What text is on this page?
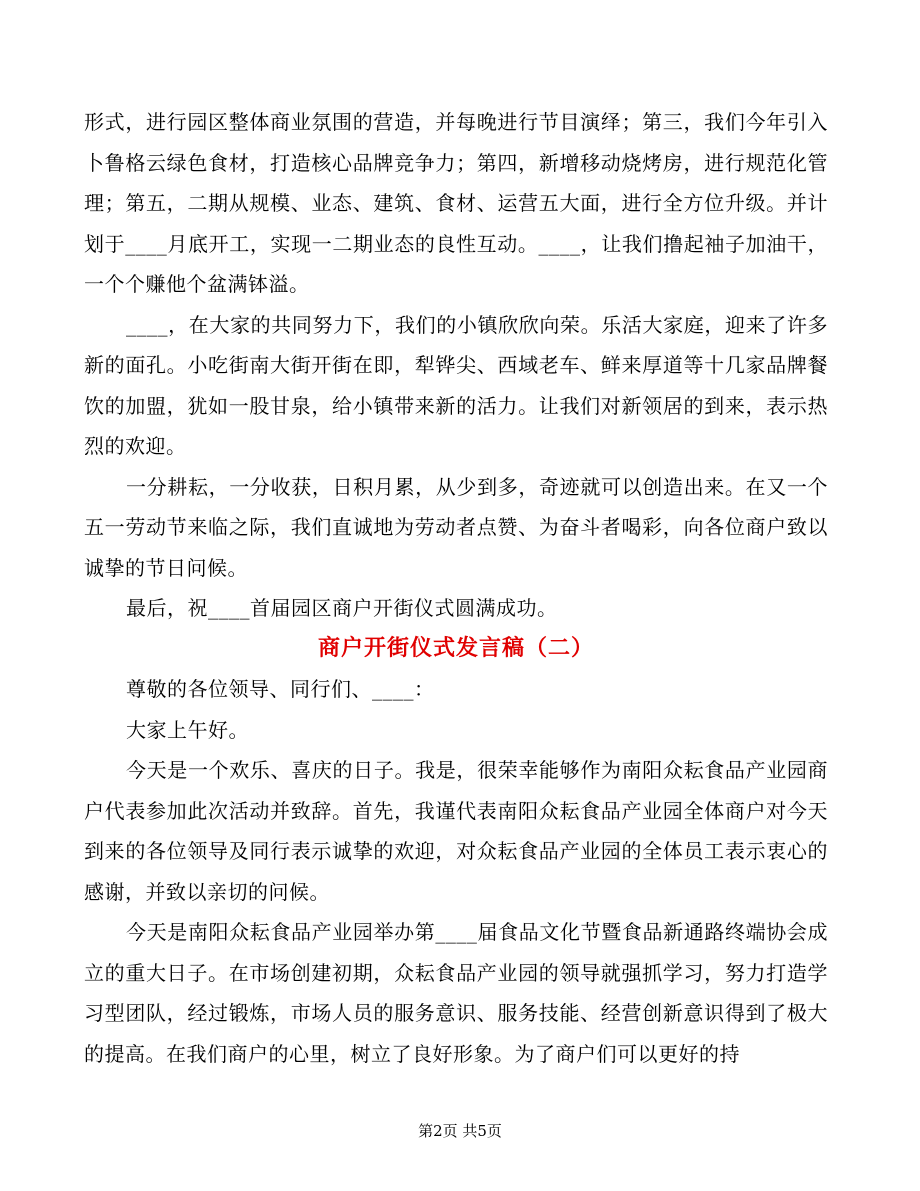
形式，进行园区整体商业氛围的营造，并每晚进行节目演绎；第三，我们今年引入卜鲁格云绿色食材，打造核心品牌竞争力；第四，新增移动烧烤房，进行规范化管理；第五，二期从规模、业态、建筑、食材、运营五大面，进行全方位升级。并计划于____月底开工，实现一二期业态的良性互动。____，让我们撸起袖子加油干，一个个赚他个盆满钵溢。

____，在大家的共同努力下，我们的小镇欣欣向荣。乐活大家庭，迎来了许多新的面孔。小吃街南大街开街在即，犁铧尖、西域老车、鲜来厚道等十几家品牌餐饮的加盟，犹如一股甘泉，给小镇带来新的活力。让我们对新领居的到来，表示热烈的欢迎。

一分耕耘，一分收获，日积月累，从少到多，奇迹就可以创造出来。在又一个五一劳动节来临之际，我们直诚地为劳动者点赞、为奋斗者喝彩，向各位商户致以诚挚的节日问候。

最后，祝____首届园区商户开街仪式圆满成功。

商户开街仪式发言稿（二）

尊敬的各位领导、同行们、____：

大家上午好。

今天是一个欢乐、喜庆的日子。我是，很荣幸能够作为南阳众耘食品产业园商户代表参加此次活动并致辞。首先，我谨代表南阳众耘食品产业园全体商户对今天到来的各位领导及同行表示诚挚的欢迎，对众耘食品产业园的全体员工表示衷心的感谢，并致以亲切的问候。

今天是南阳众耘食品产业园举办第____届食品文化节暨食品新通路终端协会成立的重大日子。在市场创建初期，众耘食品产业园的领导就强抓学习，努力打造学习型团队，经过锻炼，市场人员的服务意识、服务技能、经营创新意识得到了极大的提高。在我们商户的心里，树立了良好形象。为了商户们可以更好的持

第2页 共5页
